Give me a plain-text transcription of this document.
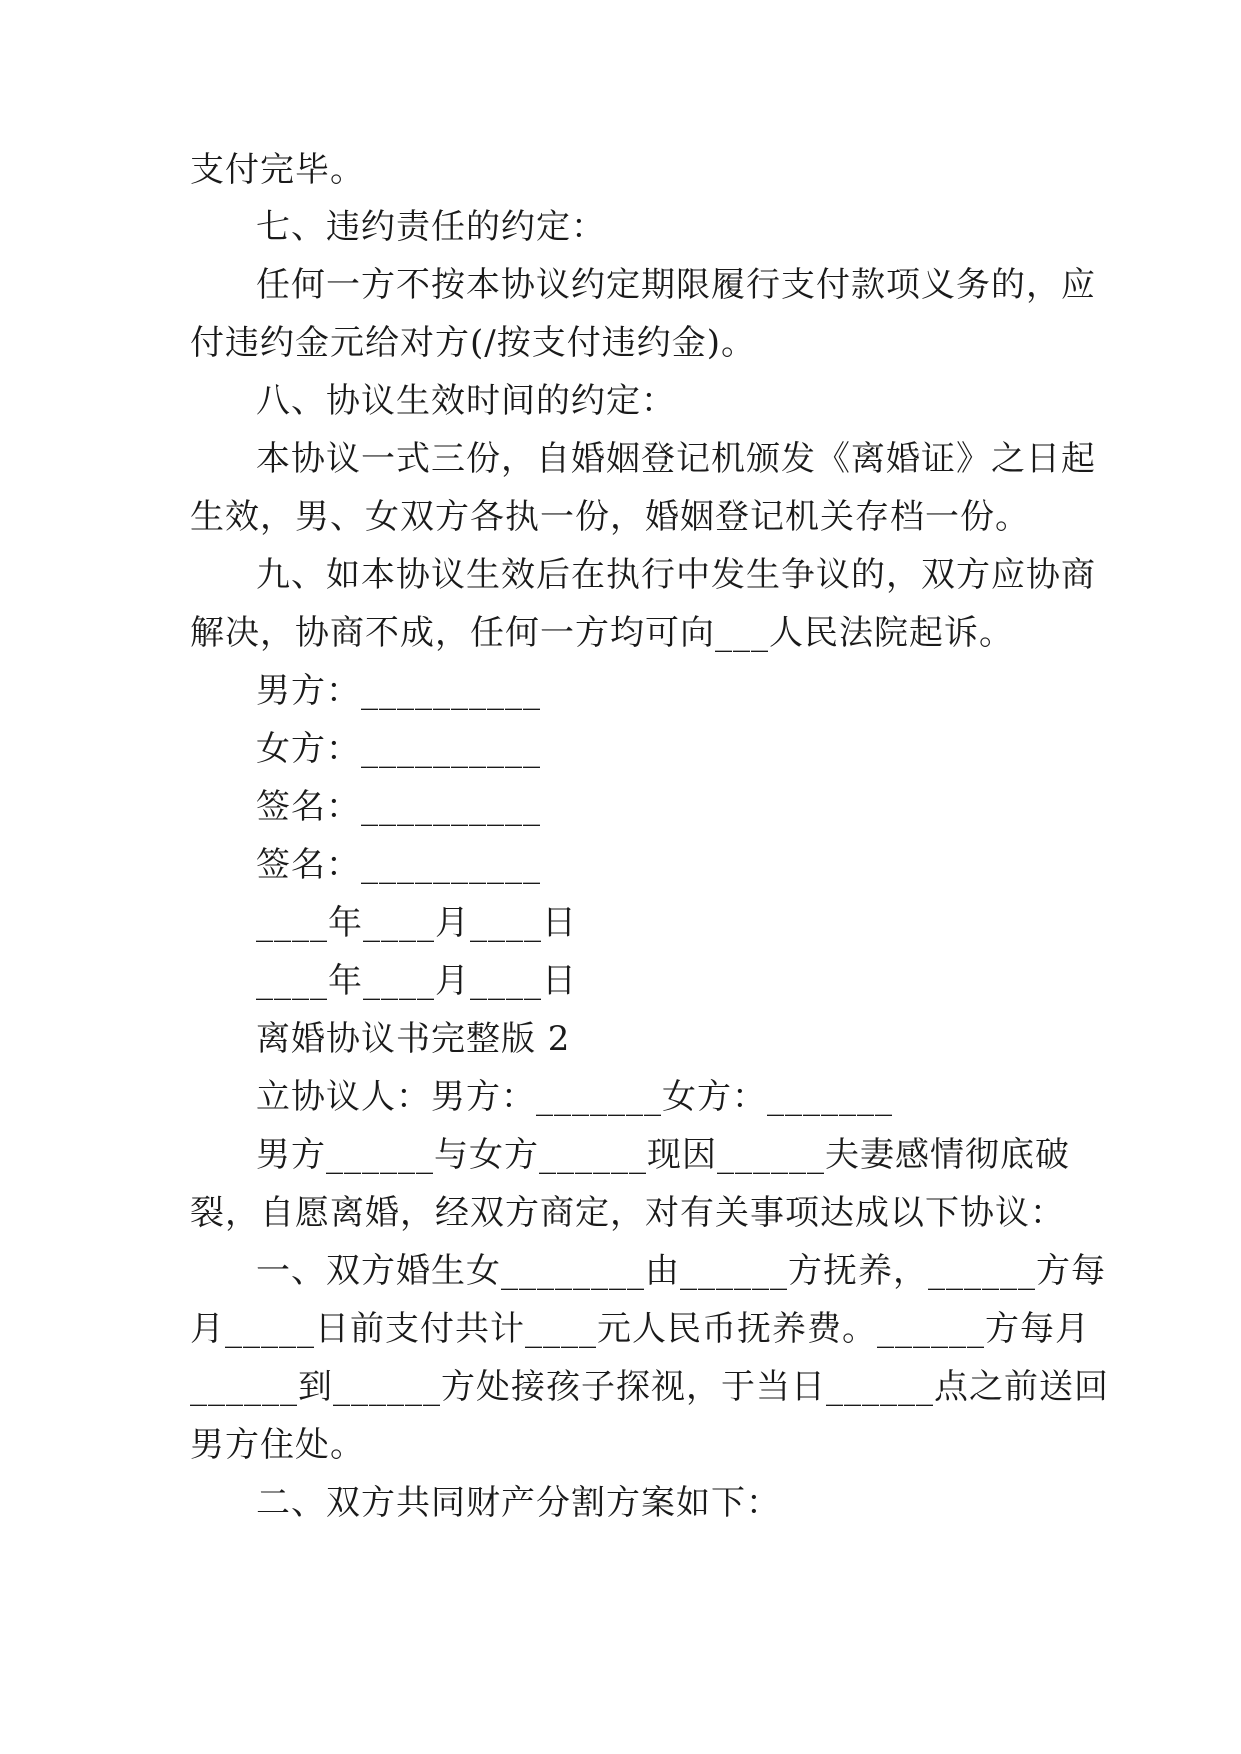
支付完毕。
七、违约责任的约定：
任何一方不按本协议约定期限履行支付款项义务的，应
付违约金元给对方(/按支付违约金)。
八、协议生效时间的约定：
本协议一式三份，自婚姻登记机颁发《离婚证》之日起
生效，男、女双方各执一份，婚姻登记机关存档一份。
九、如本协议生效后在执行中发生争议的，双方应协商
解决，协商不成，任何一方均可向___人民法院起诉。
男方：__________
女方：__________
签名：__________
签名：__________
____年____月____日
____年____月____日
离婚协议书完整版 2
立协议人：男方：_______女方：_______
男方______与女方______现因______夫妻感情彻底破
裂，自愿离婚，经双方商定，对有关事项达成以下协议：
一、双方婚生女________由______方抚养，______方每
月_____日前支付共计____元人民币抚养费。______方每月
______到______方处接孩子探视，于当日______点之前送回
男方住处。
二、双方共同财产分割方案如下：
